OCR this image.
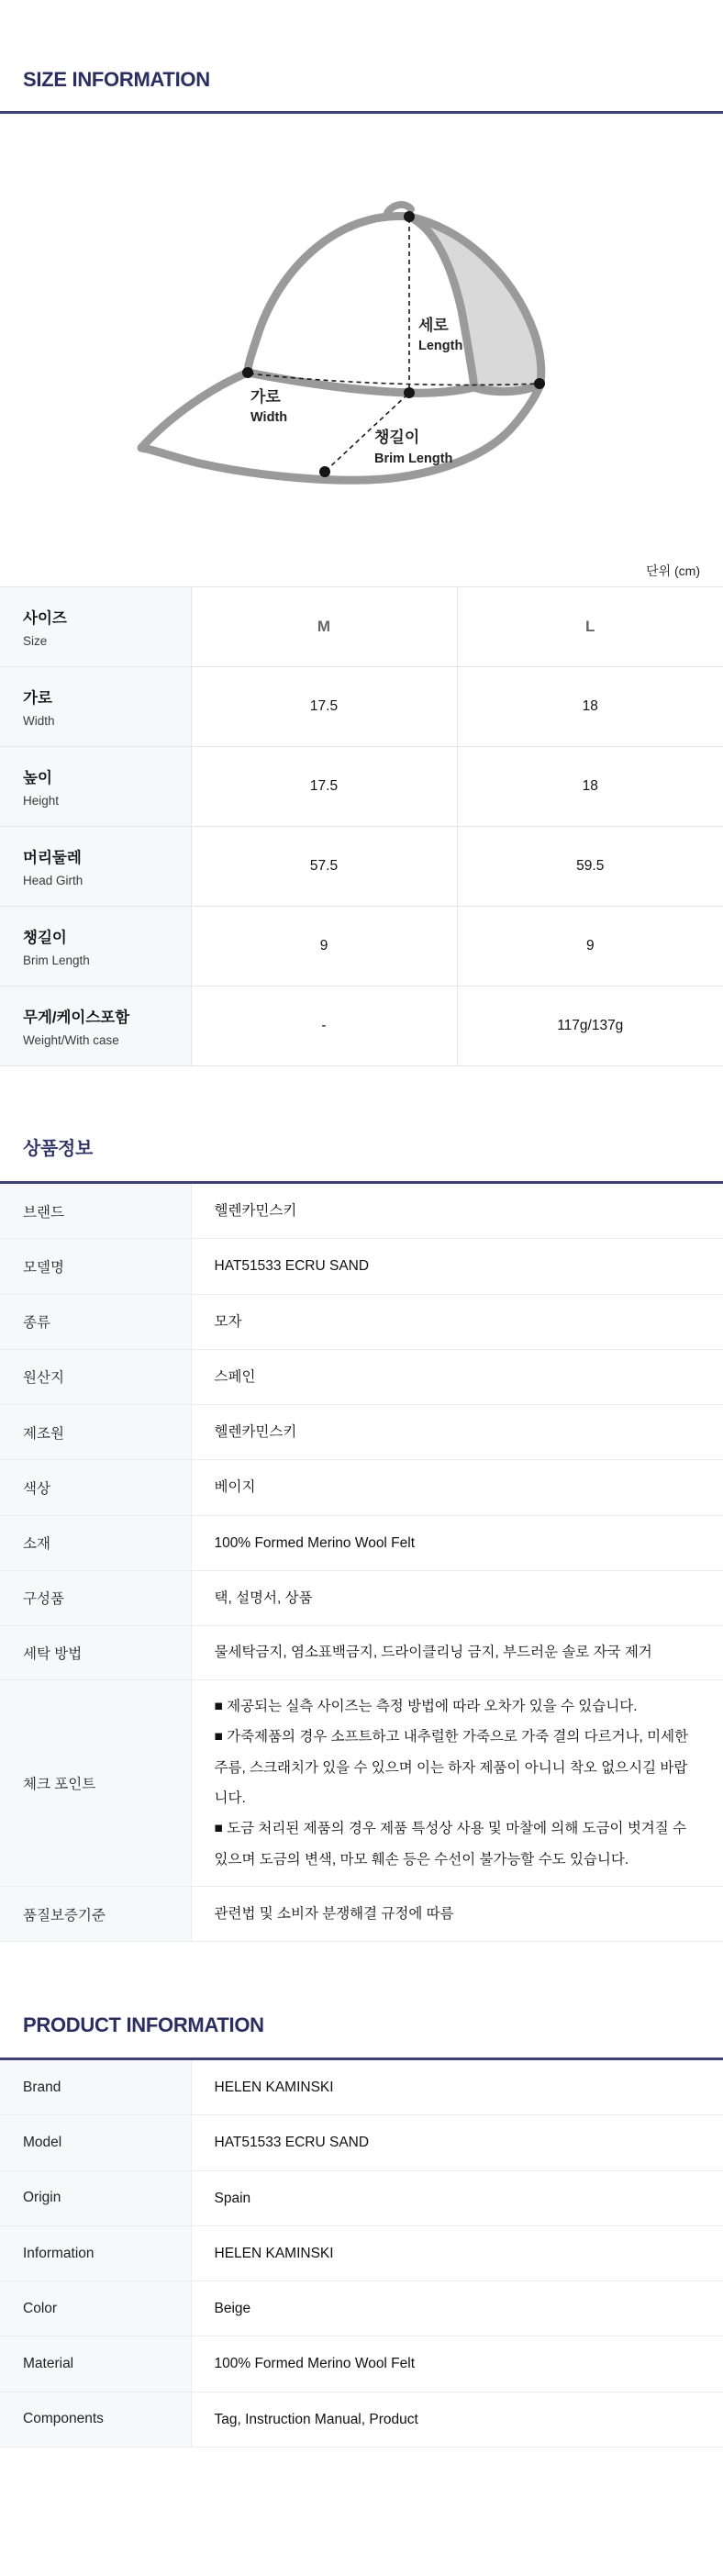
SIZE INFORMATION
세로
Length
가로
Width
챙길이
Brim Length
단위 (cm)
사이즈
Size	M	L

가로
Width	17.5	18

높이
Height	17.5	18

머리둘레
Head Girth	57.5	59.5

챙길이
Brim Length	9	9

무게/케이스포함
Weight/With case	-	117g/137g
상품정보
브랜드	헬렌카민스키
모델명	HAT51533 ECRU SAND
종류	모자
원산지	스페인
제조원	헬렌카민스키
색상	베이지
소재	100% Formed Merino Wool Felt
구성품	택, 설명서, 상품
세탁 방법	물세탁금지, 염소표백금지, 드라이클리닝 금지, 부드러운 솔로 자국 제거
체크 포인트	■ 제공되는 실측 사이즈는 측정 방법에 따라 오차가 있을 수 있습니다.

■ 가죽제품의 경우 소프트하고 내추럴한 가죽으로 가죽 결의 다르거나, 미세한 주름, 스크래치가 있을 수 있으며 이는 하자 제품이 아니니 착오 없으시길 바랍니다.

■ 도금 처리된 제품의 경우 제품 특성상 사용 및 마찰에 의해 도금이 벗겨질 수 있으며 도금의 변색, 마모 훼손 등은 수선이 불가능할 수도 있습니다.

품질보증기준	관련법 및 소비자 분쟁해결 규정에 따름
PRODUCT INFORMATION
Brand	HELEN KAMINSKI
Model	HAT51533 ECRU SAND
Origin	Spain
Information	HELEN KAMINSKI
Color	Beige
Material	100% Formed Merino Wool Felt
Components	Tag, Instruction Manual, Product
